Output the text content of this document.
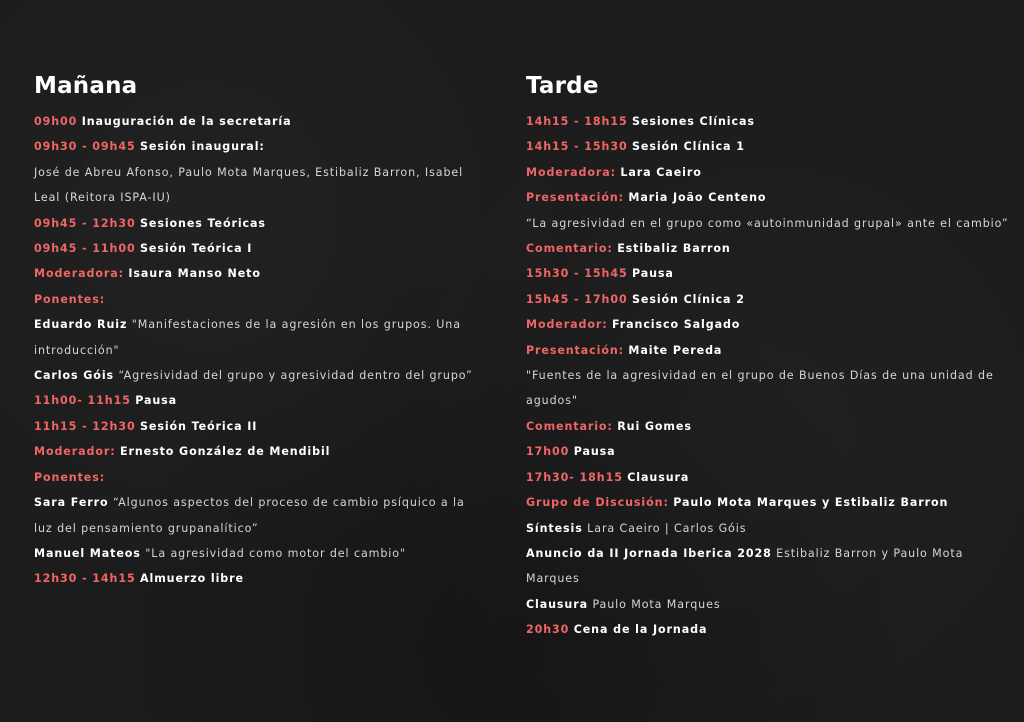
Mañana
09h00 Inauguración de la secretaría
09h30 - 09h45 Sesión inaugural:
José de Abreu Afonso, Paulo Mota Marques, Estibaliz Barron, Isabel Leal (Reitora ISPA-IU)
09h45 - 12h30 Sesiones Teóricas
09h45 - 11h00 Sesión Teórica I
Moderadora: Isaura Manso Neto
Ponentes:
Eduardo Ruiz "Manifestaciones de la agresión en los grupos. Una introducción"
Carlos Góis “Agresividad del grupo y agresividad dentro del grupo”
11h00- 11h15 Pausa
11h15 - 12h30 Sesión Teórica II
Moderador: Ernesto González de Mendibil
Ponentes:
Sara Ferro “Algunos aspectos del proceso de cambio psíquico a la luz del pensamiento grupanalítico”
Manuel Mateos "La agresividad como motor del cambio"
12h30 - 14h15 Almuerzo libre
Tarde
14h15 - 18h15 Sesiones Clínicas
14h15 - 15h30 Sesión Clínica 1
Moderadora: Lara Caeiro
Presentación: Maria João Centeno
“La agresividad en el grupo como «autoinmunidad grupal» ante el cambio”
Comentario: Estibaliz Barron
15h30 - 15h45 Pausa
15h45 - 17h00 Sesión Clínica 2
Moderador: Francisco Salgado
Presentación: Maite Pereda
"Fuentes de la agresividad en el grupo de Buenos Días de una unidad de agudos"
Comentario: Rui Gomes
17h00 Pausa
17h30- 18h15 Clausura
Grupo de Discusión: Paulo Mota Marques y Estibaliz Barron
Síntesis Lara Caeiro | Carlos Góis
Anuncio da II Jornada Iberica 2028 Estibaliz Barron y Paulo Mota Marques
Clausura Paulo Mota Marques
20h30 Cena de la Jornada
